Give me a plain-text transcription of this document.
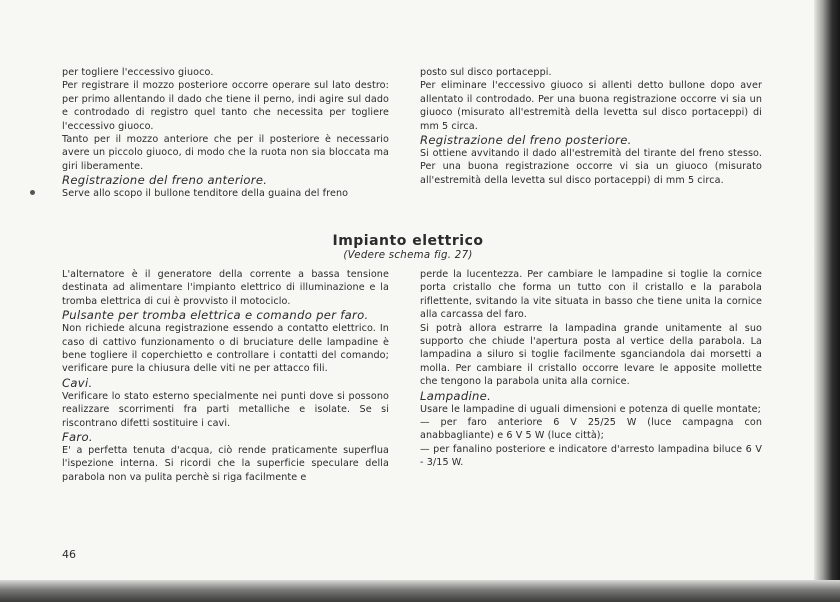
per togliere l'eccessivo giuoco.

Per registrare il mozzo posteriore occorre operare sul lato destro: per primo allentando il dado che tiene il perno, indi agire sul dado e controdado di registro quel tanto che necessita per togliere l'eccessivo giuoco.

Tanto per il mozzo anteriore che per il posteriore è necessario avere un piccolo giuoco, di modo che la ruota non sia bloccata ma giri liberamente.

Registrazione del freno anteriore.

Serve allo scopo il bullone tenditore della guaina del freno

posto sul disco portaceppi.

Per eliminare l'eccessivo giuoco si allenti detto bullone dopo aver allentato il controdado. Per una buona registrazione occorre vi sia un giuoco (misurato all'estremità della levetta sul disco portaceppi) di mm 5 circa.

Registrazione del freno posteriore.

Si ottiene avvitando il dado all'estremità del tirante del freno stesso. Per una buona registrazione occorre vi sia un giuoco (misurato all'estremità della levetta sul disco portaceppi) di mm 5 circa.

Impianto elettrico
(Vedere schema fig. 27)

L'alternatore è il generatore della corrente a bassa tensione destinata ad alimentare l'impianto elettrico di illuminazione e la tromba elettrica di cui è provvisto il motociclo.

Pulsante per tromba elettrica e comando per faro.

Non richiede alcuna registrazione essendo a contatto elettrico. In caso di cattivo funzionamento o di bruciature delle lampadine è bene togliere il coperchietto e controllare i contatti del comando; verificare pure la chiusura delle viti ne per attacco fili.

Cavi.

Verificare lo stato esterno specialmente nei punti dove si possono realizzare scorrimenti fra parti metalliche e isolate. Se si riscontrano difetti sostituire i cavi.

Faro.

E' a perfetta tenuta d'acqua, ciò rende praticamente superflua l'ispezione interna. Si ricordi che la superficie speculare della parabola non va pulita perchè si riga facilmente e

perde la lucentezza. Per cambiare le lampadine si toglie la cornice porta cristallo che forma un tutto con il cristallo e la parabola riflettente, svitando la vite situata in basso che tiene unita la cornice alla carcassa del faro.

Si potrà allora estrarre la lampadina grande unitamente al suo supporto che chiude l'apertura posta al vertice della parabola. La lampadina a siluro si toglie facilmente sganciandola dai morsetti a molla. Per cambiare il cristallo occorre levare le apposite mollette che tengono la parabola unita alla cornice.

Lampadine.

Usare le lampadine di uguali dimensioni e potenza di quelle montate;

— per faro anteriore 6 V 25/25 W (luce campagna con anabbagliante) e 6 V 5 W (luce città);

— per fanalino posteriore e indicatore d'arresto lampadina biluce 6 V - 3/15 W.

46
